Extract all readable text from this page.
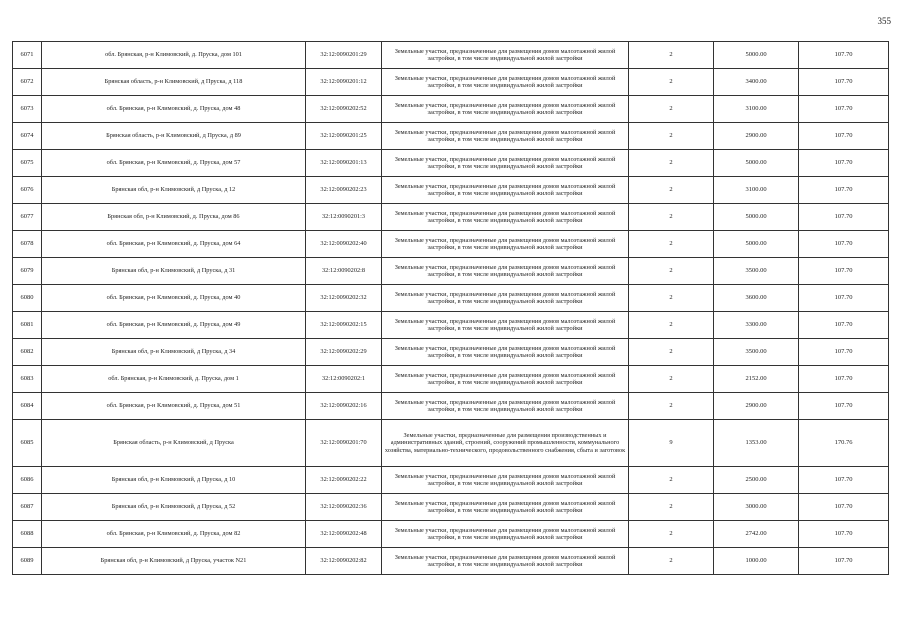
355
6071	обл. Брянская, р-н Климовский, д. Пруска, дом 101	32:12:0090201:29	Земельные участки, предназначенные для размещения домов малоэтажной жилой застройки, в том числе индивидуальной жилой застройки	2	5000.00	107.70	
6072	Брянская область, р-н Климовский, д Пруска, д 118	32:12:0090201:12	Земельные участки, предназначенные для размещения домов малоэтажной жилой застройки, в том числе индивидуальной жилой застройки	2	3400.00	107.70	
6073	обл. Брянская, р-н Климовский, д. Пруска, дом 48	32:12:0090202:52	Земельные участки, предназначенные для размещения домов малоэтажной жилой застройки, в том числе индивидуальной жилой застройки	2	3100.00	107.70	
6074	Брянская область, р-н Климовский, д Пруска, д 89	32:12:0090201:25	Земельные участки, предназначенные для размещения домов малоэтажной жилой застройки, в том числе индивидуальной жилой застройки	2	2900.00	107.70	
6075	обл. Брянская, р-н Климовский, д. Пруска, дом 57	32:12:0090201:13	Земельные участки, предназначенные для размещения домов малоэтажной жилой застройки, в том числе индивидуальной жилой застройки	2	5000.00	107.70	
6076	Брянская обл, р-н Климовский, д Пруска, д 12	32:12:0090202:23	Земельные участки, предназначенные для размещения домов малоэтажной жилой застройки, в том числе индивидуальной жилой застройки	2	3100.00	107.70	
6077	Брянская обл, р-н Климовский, д. Пруска, дом 86	32:12:0090201:3	Земельные участки, предназначенные для размещения домов малоэтажной жилой застройки, в том числе индивидуальной жилой застройки	2	5000.00	107.70	
6078	обл. Брянская, р-н Климовский, д. Пруска, дом 64	32:12:0090202:40	Земельные участки, предназначенные для размещения домов малоэтажной жилой застройки, в том числе индивидуальной жилой застройки	2	5000.00	107.70	
6079	Брянская обл, р-н Климовский, д Пруска, д 31	32:12:0090202:8	Земельные участки, предназначенные для размещения домов малоэтажной жилой застройки, в том числе индивидуальной жилой застройки	2	3500.00	107.70	
6080	обл. Брянская, р-н Климовский, д. Пруска, дом 40	32:12:0090202:32	Земельные участки, предназначенные для размещения домов малоэтажной жилой застройки, в том числе индивидуальной жилой застройки	2	3600.00	107.70	
6081	обл. Брянская, р-н Климовский, д. Пруска, дом 49	32:12:0090202:15	Земельные участки, предназначенные для размещения домов малоэтажной жилой застройки, в том числе индивидуальной жилой застройки	2	3300.00	107.70	
6082	Брянская обл, р-н Климовский, д Пруска, д 34	32:12:0090202:29	Земельные участки, предназначенные для размещения домов малоэтажной жилой застройки, в том числе индивидуальной жилой застройки	2	3500.00	107.70	
6083	обл. Брянская, р-н Климовский, д. Пруска, дом 1	32:12:0090202:1	Земельные участки, предназначенные для размещения домов малоэтажной жилой застройки, в том числе индивидуальной жилой застройки	2	2152.00	107.70	
6084	обл. Брянская, р-н Климовский, д. Пруска, дом 51	32:12:0090202:16	Земельные участки, предназначенные для размещения домов малоэтажной жилой застройки, в том числе индивидуальной жилой застройки	2	2900.00	107.70	
6085	Брянская область, р-н Климовский, д Пруска	32:12:0090201:70	Земельные участки, предназначенные для размещения производственных и административных зданий, строений, сооружений промышленности, коммунального хозяйства, материально-технического, продовольственного снабжения, сбыта и заготовок	9	1353.00	170.76	
6086	Брянская обл, р-н Климовский, д Пруска, д 10	32:12:0090202:22	Земельные участки, предназначенные для размещения домов малоэтажной жилой застройки, в том числе индивидуальной жилой застройки	2	2500.00	107.70	
6087	Брянская обл, р-н Климовский, д Пруска, д 52	32:12:0090202:36	Земельные участки, предназначенные для размещения домов малоэтажной жилой застройки, в том числе индивидуальной жилой застройки	2	3000.00	107.70	
6088	обл. Брянская, р-н Климовский, д. Пруска, дом 82	32:12:0090202:48	Земельные участки, предназначенные для размещения домов малоэтажной жилой застройки, в том числе индивидуальной жилой застройки	2	2742.00	107.70	
6089	Брянская обл, р-н Климовский, д Пруска, участок N21	32:12:0090202:82	Земельные участки, предназначенные для размещения домов малоэтажной жилой застройки, в том числе индивидуальной жилой застройки	2	1000.00	107.70	
